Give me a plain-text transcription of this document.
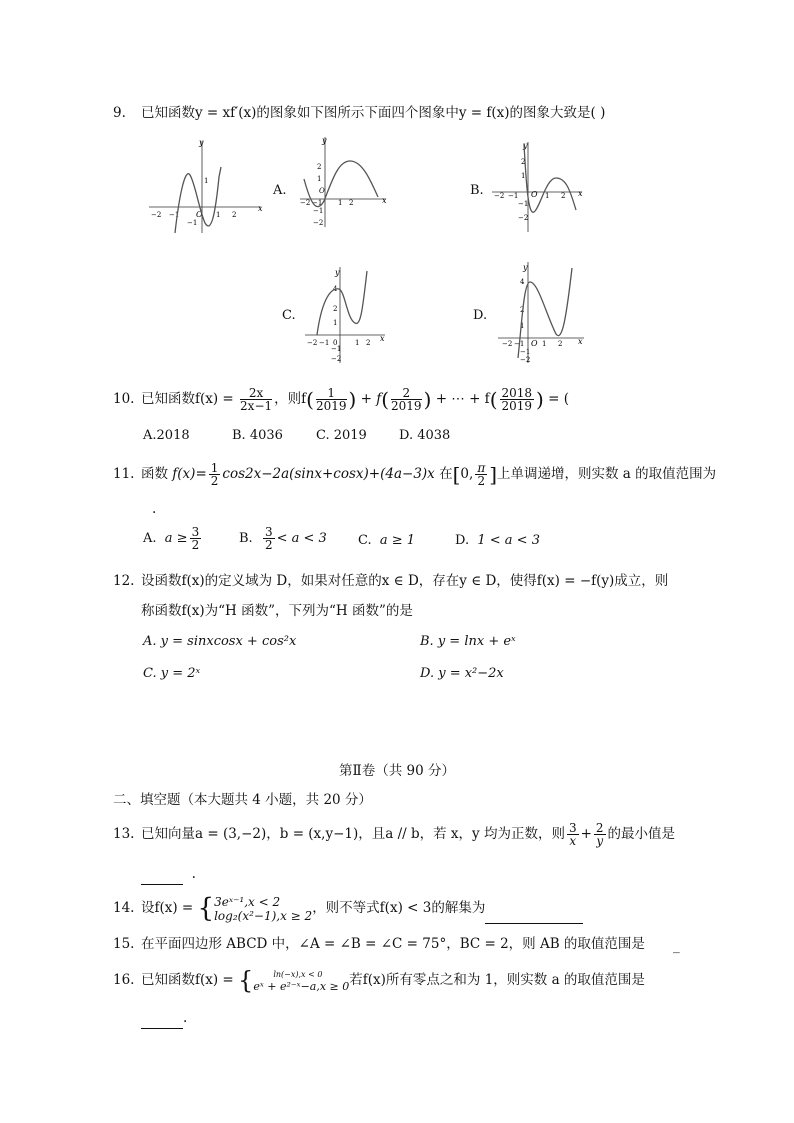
9. 已知函数y = xf′(x)的图象如下图所示下面四个图象中y = f(x)的图象大致是( )
y
x
−2 −1 O 1 2
1
−1
A.
y
x
2
1
O
−2 −1 1 2
−1
−2
B.
y
x
2
1
O
−2 −1	1 2
−1
−2
C.
y
x
4
2
1
−2 −1 0	1 2
−1
−2
D.
y
x
4
2
1
−2 −1 O 1 2
−1
−2
10. 已知函数$f(x) = \frac{2x}{2x-1}$ ，则$f( \frac{1}{2019}$ ) + $f( \frac{2}{2019}$ ) + ⋯ + $f( \frac{2018}{2019}$ ) = (
A.2018	B. 4036	C. 2019 D. 4038
11. 函数 $f(x)= \frac{1}{2} \cos 2x-2a(\sin x+\cos x)+(4a-3)x$ 在[0, $\frac{\pi}{2}$ ]上单调递增，则实数 a 的取值范围为
.
A. $a \ge \frac{3}{2}$	B. $\frac{3}{2} < a < 3$ C. a ≥ 1	D. 1 < a < 3
12. 设函数f(x)的定义域为 D，如果对任意的x ∈ D，存在y ∈ D，使得f(x) = −f(y)成立，则
称函数f(x)为“H 函数”，下列为“H 函数”的是
A. y = sinxcosx + cos²x	B. y = lnx + eˣ
C. y = 2ˣ	D. y = x²−2x
第Ⅱ卷（共 90 分）
二、填空题（本大题共 4 小题，共 20 分）
13. 已知向量a = (3,−2)，b = (x,y−1)，且a // b，若 x，y 均为正数，则 $\frac{3}{x} + \frac{2}{y}$ 的最小值是
.
14. 设f(x) = { 3eˣ⁻¹,x < 2
log₂(x²−1),x ≥ 2 ，则不等式f(x) < 3的解集为
15. 在平面四边形 ABCD 中，∠A = ∠B = ∠C = 75°，BC = 2，则 AB 的取值范围是 _
16. 已知函数f(x) = {	ln(−x),x < 0
eˣ + e²⁻ˣ−a,x ≥ 0 若f(x)所有零点之和为 1，则实数 a 的取值范围是
.
